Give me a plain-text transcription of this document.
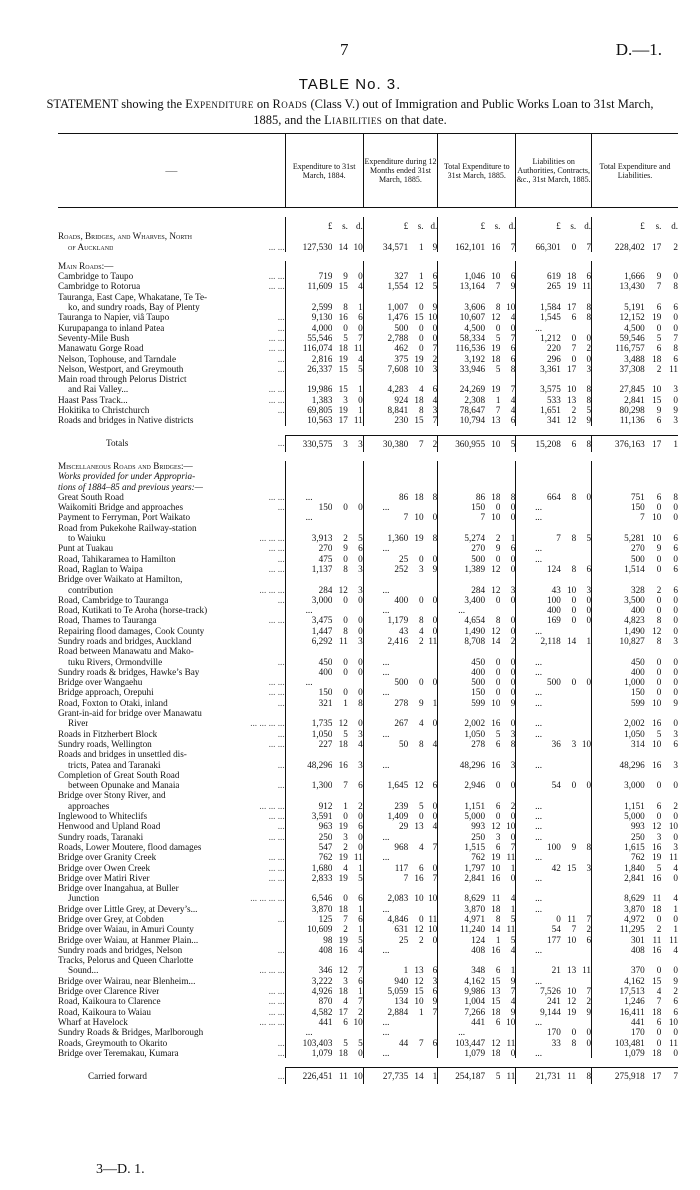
7	D.—1.
TABLE No. 3.
STATEMENT showing the Expenditure on Roads (Class V.) out of Immigration and Public Works Loan to 31st March, 1885, and the Liabilities on that date.
—–	Expenditure to 31st March, 1884.			Expenditure during 12 Months ended 31st March, 1885.			Total Expenditure to 31st March, 1885.			Liabilities on Authorities, Contracts, &c., 31st March, 1885.			Total Expenditure and Liabilities.		

	£	s.	d.	£	s.	d.	£	s.	d.	£	s.	d.	£	s.	d.
Roads, Bridges, and Wharves, North															

of Auckland ... ...	127,530	14	10	34,571	1	9	162,101	16	7	66,301	0	7	228,402	17	2

Main Roads:—															

Cambridge to Taupo ... ...	719	9	0	327	1	6	1,046	10	6	619	18	6	1,666	9	0

Cambridge to Rotorua ... ...	11,609	15	4	1,554	12	5	13,164	7	9	265	19	11	13,430	7	8

Tauranga, East Cape, Whakatane, Te Te-															

ko, and sundry roads, Bay of Plenty	2,599	8	1	1,007	0	9	3,606	8	10	1,584	17	8	5,191	6	6

Tauranga to Napier, viâ Taupo ...	9,130	16	6	1,476	15	10	10,607	12	4	1,545	6	8	12,152	19	0

Kurupapanga to inland Patea ...	4,000	0	0	500	0	0	4,500	0	0	...			4,500	0	0

Seventy-Mile Bush ... ...	55,546	5	7	2,788	0	0	58,334	5	7	1,212	0	0	59,546	5	7

Manawatu Gorge Road ... ...	116,074	18	11	462	0	7	116,536	19	6	220	7	2	116,757	6	8

Nelson, Tophouse, and Tarndale ...	2,816	19	4	375	19	2	3,192	18	6	296	0	0	3,488	18	6

Nelson, Westport, and Greymouth ...	26,337	15	5	7,608	10	3	33,946	5	8	3,361	17	3	37,308	2	11

Main road through Pelorus District															

and Rai Valley... ... ...	19,986	15	1	4,283	4	6	24,269	19	7	3,575	10	8	27,845	10	3

Haast Pass Track... ... ...	1,383	3	0	924	18	4	2,308	1	4	533	13	8	2,841	15	0

Hokitika to Christchurch ...	69,805	19	1	8,841	8	3	78,647	7	4	1,651	2	5	80,298	9	9

Roads and bridges in Native districts	10,563	17	11	230	15	7	10,794	13	6	341	12	9	11,136	6	3

Totals ...	330,575	3	3	30,380	7	2	360,955	10	5	15,208	6	8	376,163	17	1

Miscellaneous Roads and Bridges:—															
Works provided for under Appropria-															
tions of 1884–85 and previous years:—															

Great South Road ... ...	...			86	18	8	86	18	8	664	8	0	751	6	8

Waikomiti Bridge and approaches ...	150	0	0	...			150	0	0	...			150	0	0

Payment to Ferryman, Port Waikato	...			7	10	0	7	10	0	...			7	10	0

Road from Pukekohe Railway-station															

to Waiuku ... ... ...	3,913	2	5	1,360	19	8	5,274	2	1	7	8	5	5,281	10	6

Punt at Tuakau ... ...	270	9	6	...			270	9	6	...			270	9	6

Road, Tahikaramea to Hamilton ...	475	0	0	25	0	0	500	0	0	...			500	0	0

Road, Raglan to Waipa ... ...	1,137	8	3	252	3	9	1,389	12	0	124	8	6	1,514	0	6

Bridge over Waikato at Hamilton,															

contribution ... ... ...	284	12	3	...			284	12	3	43	10	3	328	2	6

Road, Cambridge to Tauranga ...	3,000	0	0	400	0	0	3,400	0	0	100	0	0	3,500	0	0

Road, Kutikati to Te Aroha (horse-track)	...			...			...			400	0	0	400	0	0

Road, Thames to Tauranga ... ...	3,475	0	0	1,179	8	0	4,654	8	0	169	0	0	4,823	8	0

Repairing flood damages, Cook County	1,447	8	0	43	4	0	1,490	12	0	...			1,490	12	0

Sundry roads and bridges, Auckland	6,292	11	3	2,416	2	11	8,708	14	2	2,118	14	1	10,827	8	3

Road between Manawatu and Mako-															

tuku Rivers, Ormondville ...	450	0	0	...			450	0	0	...			450	0	0

Sundry roads & bridges, Hawke’s Bay	400	0	0	...			400	0	0	...			400	0	0

Bridge over Wangaehu ... ...	...			500	0	0	500	0	0	500	0	0	1,000	0	0

Bridge approach, Orepuhi ... ...	150	0	0	...			150	0	0	...			150	0	0

Road, Foxton to Otaki, inland ...	321	1	8	278	9	1	599	10	9	...			599	10	9

Grant-in-aid for bridge over Manawatu															

River ... ... ... ...	1,735	12	0	267	4	0	2,002	16	0	...			2,002	16	0

Roads in Fitzherbert Block ...	1,050	5	3	...			1,050	5	3	...			1,050	5	3

Sundry roads, Wellington ... ...	227	18	4	50	8	4	278	6	8	36	3	10	314	10	6

Roads and bridges in unsettled dis-															

tricts, Patea and Taranaki ...	48,296	16	3	...			48,296	16	3	...			48,296	16	3

Completion of Great South Road															

between Opunake and Manaia ...	1,300	7	6	1,645	12	6	2,946	0	0	54	0	0	3,000	0	0

Bridge over Stony River, and															

approaches ... ... ...	912	1	2	239	5	0	1,151	6	2	...			1,151	6	2

Inglewood to Whiteclifs ... ...	3,591	0	0	1,409	0	0	5,000	0	0	...			5,000	0	0

Henwood and Upland Road ...	963	19	6	29	13	4	993	12	10	...			993	12	10

Sundry roads, Taranaki ... ...	250	3	0	...			250	3	0	...			250	3	0

Roads, Lower Moutere, flood damages	547	2	0	968	4	7	1,515	6	7	100	9	8	1,615	16	3

Bridge over Granity Creek ... ...	762	19	11	...			762	19	11	...			762	19	11

Bridge over Owen Creek ... ...	1,680	4	1	117	6	0	1,797	10	1	42	15	3	1,840	5	4

Bridge over Matiri River ... ...	2,833	19	5	7	16	7	2,841	16	0	...			2,841	16	0

Bridge over Inangahua, at Buller															

Junction ... ... ... ...	6,546	0	6	2,083	10	10	8,629	11	4	...			8,629	11	4

Bridge over Little Grey, at Devery’s...	3,870	18	1	...			3,870	18	1	...			3,870	18	1

Bridge over Grey, at Cobden ...	125	7	6	4,846	0	11	4,971	8	5	0	11	7	4,972	0	0

Bridge over Waiau, in Amuri County	10,609	2	1	631	12	10	11,240	14	11	54	7	2	11,295	2	1

Bridge over Waiau, at Hanmer Plain...	98	19	5	25	2	0	124	1	5	177	10	6	301	11	11

Sundry roads and bridges, Nelson ...	408	16	4	...			408	16	4	...			408	16	4

Tracks, Pelorus and Queen Charlotte															

Sound... ... ... ...	346	12	7	1	13	6	348	6	1	21	13	11	370	0	0

Bridge over Wairau, near Blenheim...	3,222	3	6	940	12	3	4,162	15	9	...			4,162	15	9

Bridge over Clarence River ... ...	4,926	18	1	5,059	15	6	9,986	13	7	7,526	10	7	17,513	4	2

Road, Kaikoura to Clarence ... ...	870	4	7	134	10	9	1,004	15	4	241	12	2	1,246	7	6

Road, Kaikoura to Waiau ... ...	4,582	17	2	2,884	1	7	7,266	18	9	9,144	19	9	16,411	18	6

Wharf at Havelock ... ... ...	441	6	10	...			441	6	10	...			441	6	10

Sundry Roads & Bridges, Marlborough	...			...			...			170	0	0	170	0	0

Roads, Greymouth to Okarito ...	103,403	5	5	44	7	6	103,447	12	11	33	8	0	103,481	0	11

Bridge over Teremakau, Kumara ...	1,079	18	0	...			1,079	18	0	...			1,079	18	0

Carried forward ...	226,451	11	10	27,735	14	1	254,187	5	11	21,731	11	8	275,918	17	7
3—D. 1.
